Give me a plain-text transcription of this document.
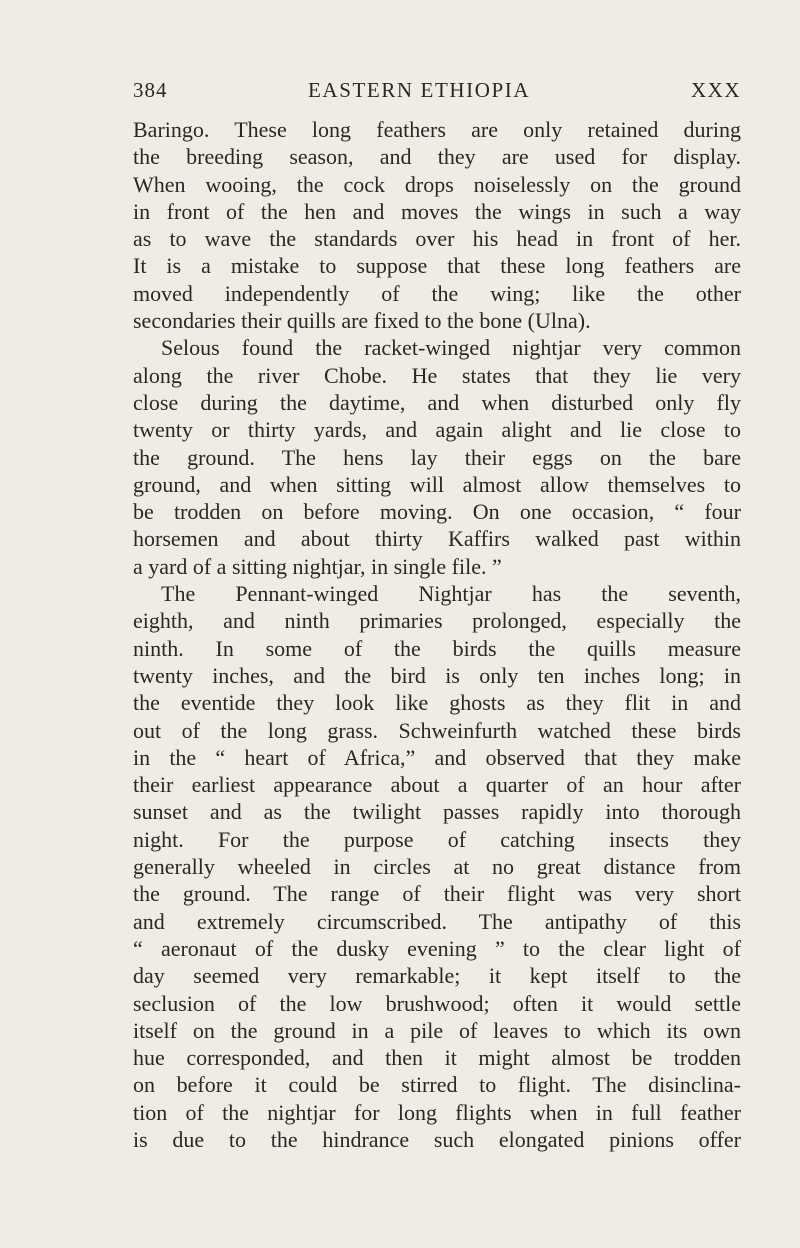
384	EASTERN ETHIOPIA	XXX
Baringo. These long feathers are only retained during
the breeding season, and they are used for display.
When wooing, the cock drops noiselessly on the ground
in front of the hen and moves the wings in such a way
as to wave the standards over his head in front of her.
It is a mistake to suppose that these long feathers are
moved independently of the wing; like the other
secondaries their quills are fixed to the bone (Ulna).
Selous found the racket-winged nightjar very common
along the river Chobe. He states that they lie very
close during the daytime, and when disturbed only fly
twenty or thirty yards, and again alight and lie close to
the ground. The hens lay their eggs on the bare
ground, and when sitting will almost allow themselves to
be trodden on before moving. On one occasion, “ four
horsemen and about thirty Kaffirs walked past within
a yard of a sitting nightjar, in single file. ”
The Pennant-winged Nightjar has the seventh,
eighth, and ninth primaries prolonged, especially the
ninth. In some of the birds the quills measure
twenty inches, and the bird is only ten inches long; in
the eventide they look like ghosts as they flit in and
out of the long grass. Schweinfurth watched these birds
in the “ heart of Africa,” and observed that they make
their earliest appearance about a quarter of an hour after
sunset and as the twilight passes rapidly into thorough
night. For the purpose of catching insects they
generally wheeled in circles at no great distance from
the ground. The range of their flight was very short
and extremely circumscribed. The antipathy of this
“ aeronaut of the dusky evening ” to the clear light of
day seemed very remarkable; it kept itself to the
seclusion of the low brushwood; often it would settle
itself on the ground in a pile of leaves to which its own
hue corresponded, and then it might almost be trodden
on before it could be stirred to flight. The disinclina-
tion of the nightjar for long flights when in full feather
is due to the hindrance such elongated pinions offer
